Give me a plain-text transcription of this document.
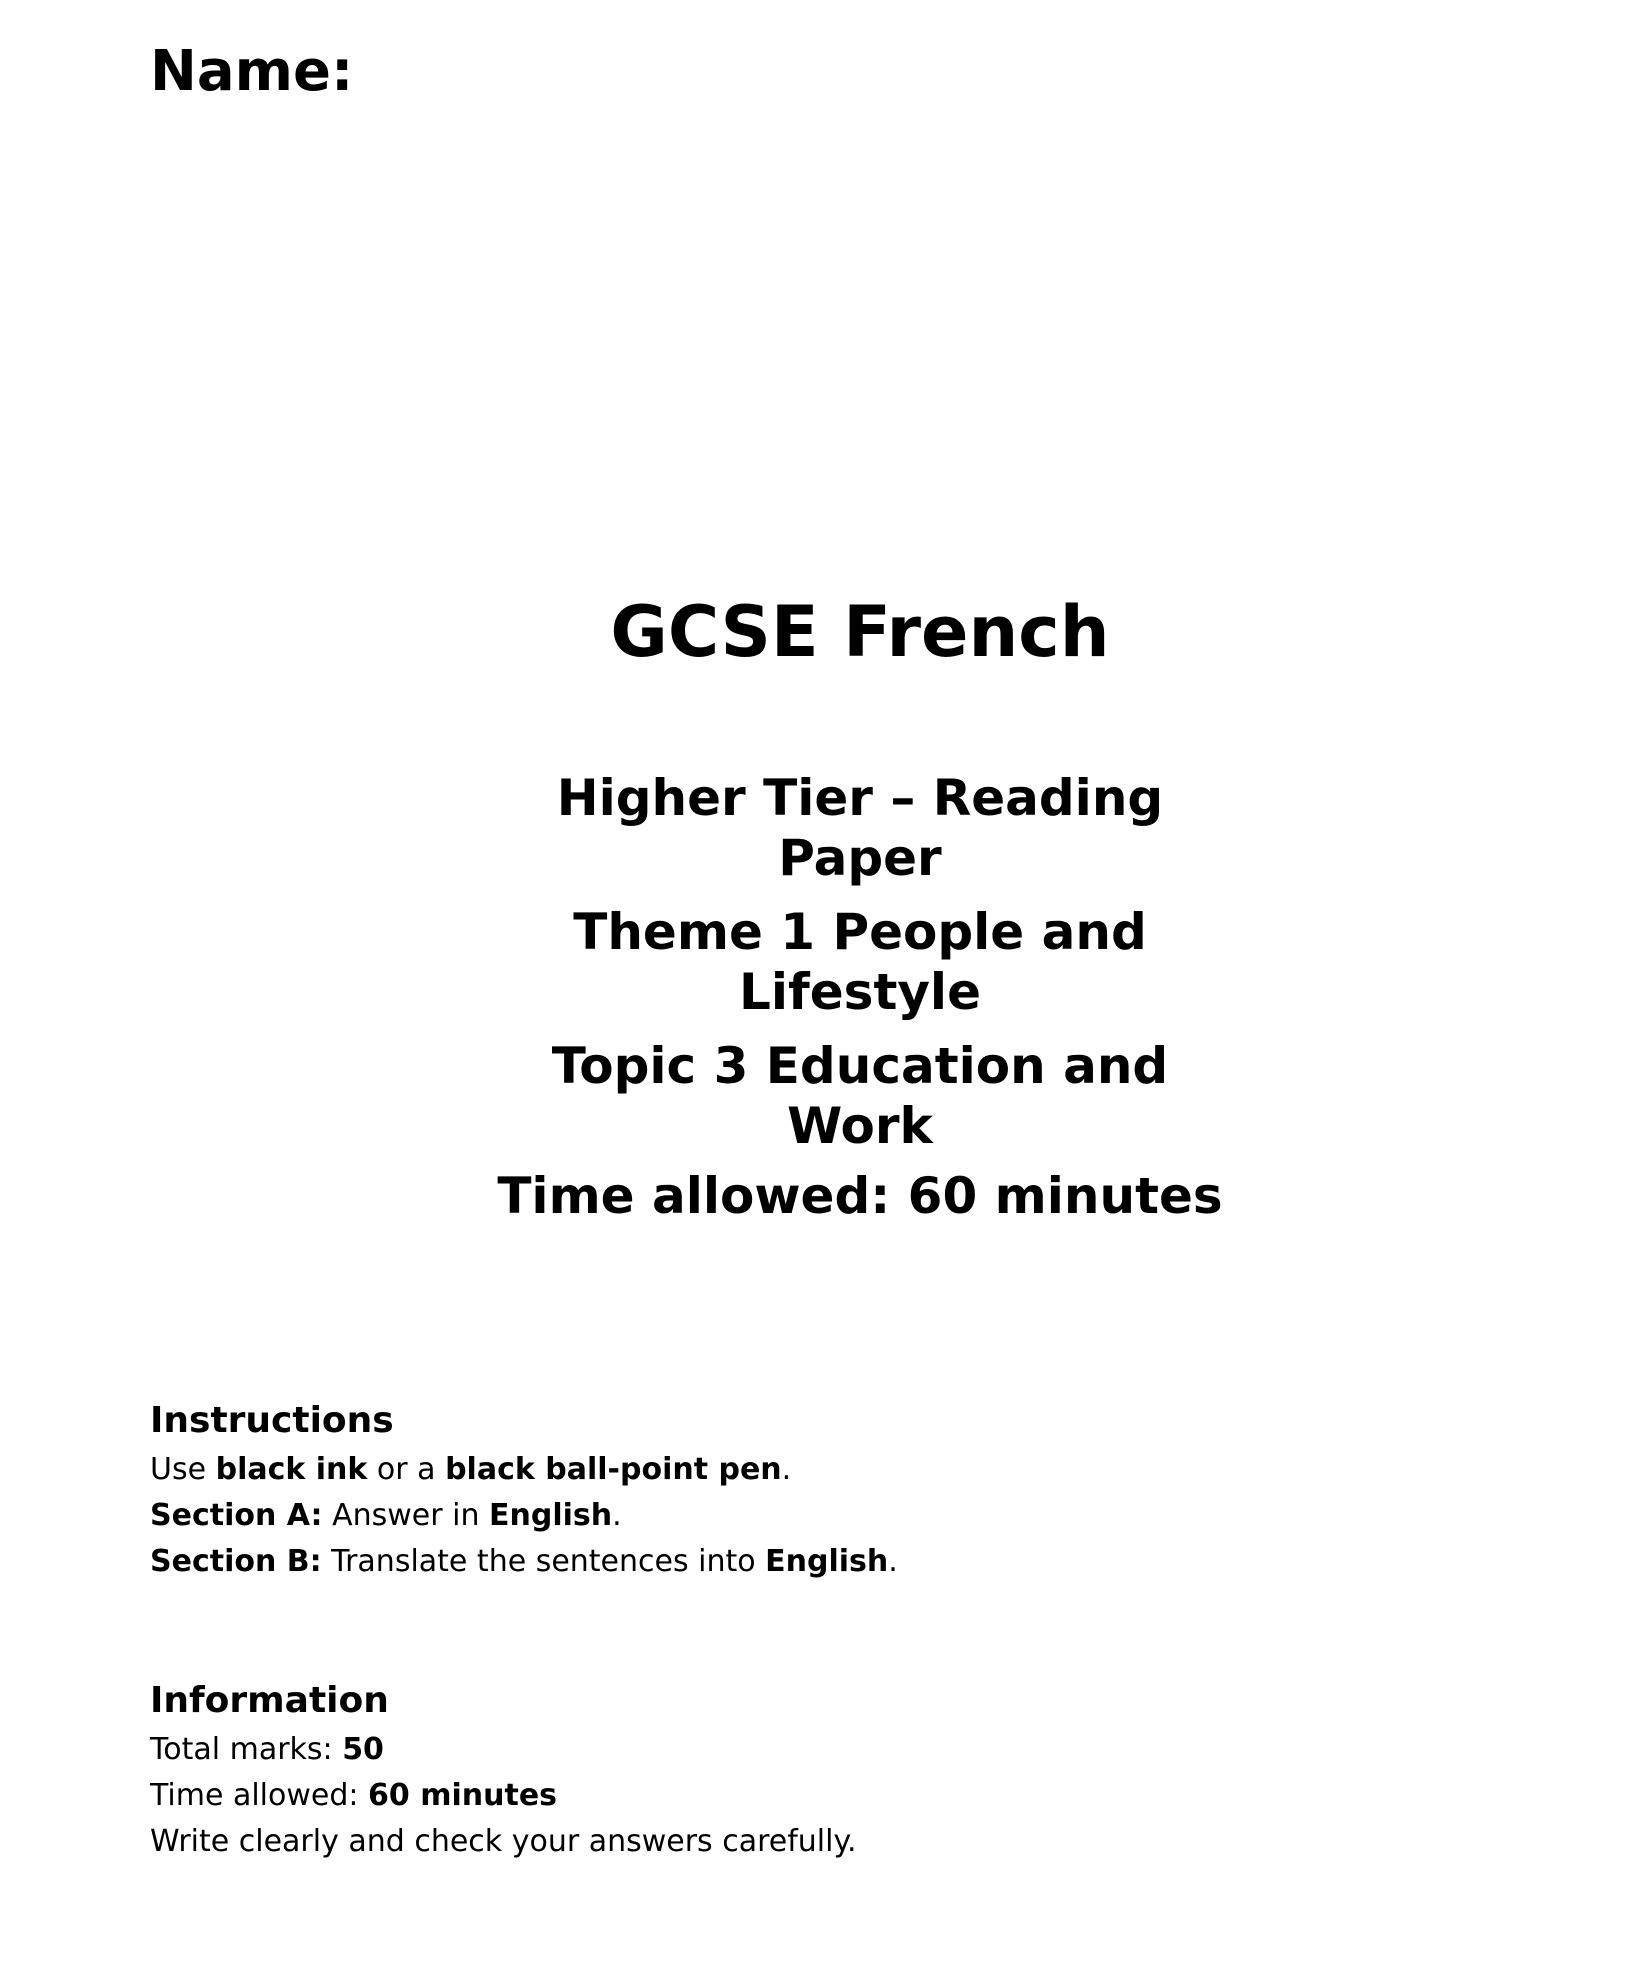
Name:
GCSE French
Higher Tier – Reading Paper
Theme 1 People and Lifestyle
Topic 3 Education and Work
Time allowed: 60 minutes
Instructions

Use black ink or a black ball-point pen.

Section A: Answer in English.

Section B: Translate the sentences into English.

Information

Total marks: 50

Time allowed: 60 minutes

Write clearly and check your answers carefully.
